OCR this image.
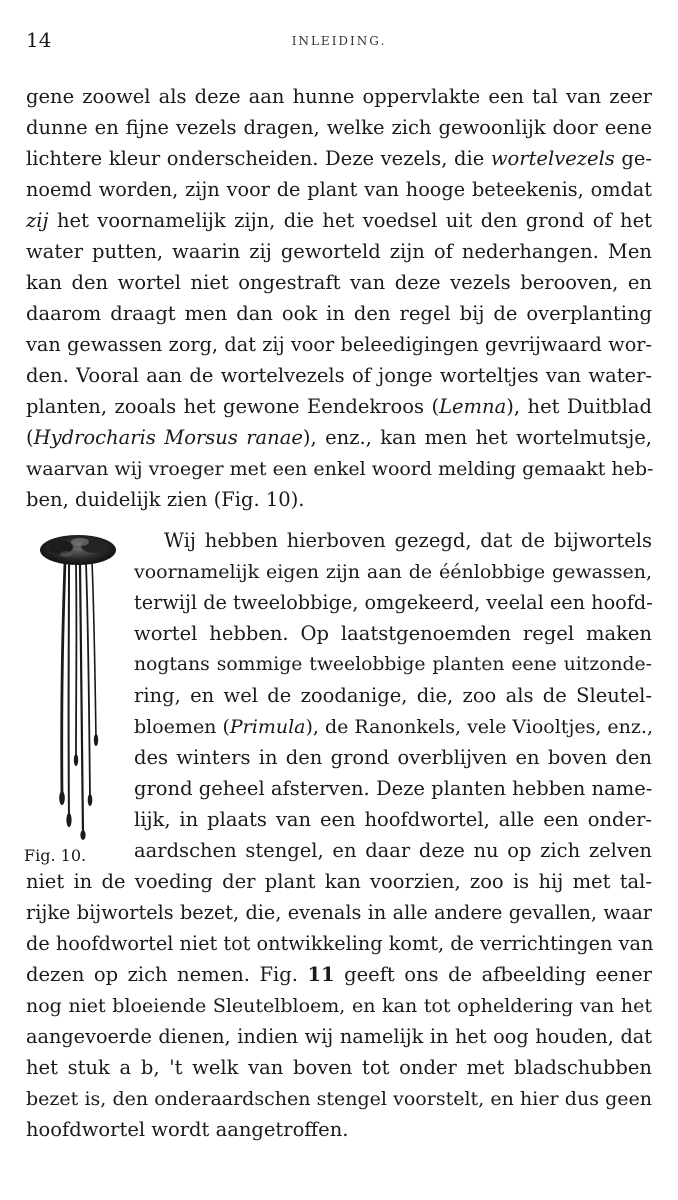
14	INLEIDING.
gene zoowel als deze aan hunne oppervlakte een tal van zeer
dunne en fijne vezels dragen, welke zich gewoonlijk door eene
lichtere kleur onderscheiden. Deze vezels, die wortelvezels ge-
noemd worden, zijn voor de plant van hooge beteekenis, omdat
zij het voornamelijk zijn, die het voedsel uit den grond of het
water putten, waarin zij geworteld zijn of nederhangen. Men
kan den wortel niet ongestraft van deze vezels berooven, en
daarom draagt men dan ook in den regel bij de overplanting
van gewassen zorg, dat zij voor beleedigingen gevrijwaard wor-
den. Vooral aan de wortelvezels of jonge worteltjes van water-
planten, zooals het gewone Eendekroos (Lemna), het Duitblad
(Hydrocharis Morsus ranae), enz., kan men het wortelmutsje,
waarvan wij vroeger met een enkel woord melding gemaakt heb-
ben, duidelijk zien (Fig. 10).
Wij hebben hierboven gezegd, dat de bijwortels
voornamelijk eigen zijn aan de éénlobbige gewassen,
terwijl de tweelobbige, omgekeerd, veelal een hoofd-
wortel hebben. Op laatstgenoemden regel maken
nogtans sommige tweelobbige planten eene uitzonde-
ring, en wel de zoodanige, die, zoo als de Sleutel-
bloemen (Primula), de Ranonkels, vele Viooltjes, enz.,
des winters in den grond overblijven en boven den
grond geheel afsterven. Deze planten hebben name-
lijk, in plaats van een hoofdwortel, alle een onder-
aardschen stengel, en daar deze nu op zich zelven
niet in de voeding der plant kan voorzien, zoo is hij met tal-
rijke bijwortels bezet, die, evenals in alle andere gevallen, waar
de hoofdwortel niet tot ontwikkeling komt, de verrichtingen van
dezen op zich nemen. Fig. 11 geeft ons de afbeelding eener
nog niet bloeiende Sleutelbloem, en kan tot opheldering van het
aangevoerde dienen, indien wij namelijk in het oog houden, dat
het stuk a b, 't welk van boven tot onder met bladschubben
bezet is, den onderaardschen stengel voorstelt, en hier dus geen
hoofdwortel wordt aangetroffen.
Fig. 10.
